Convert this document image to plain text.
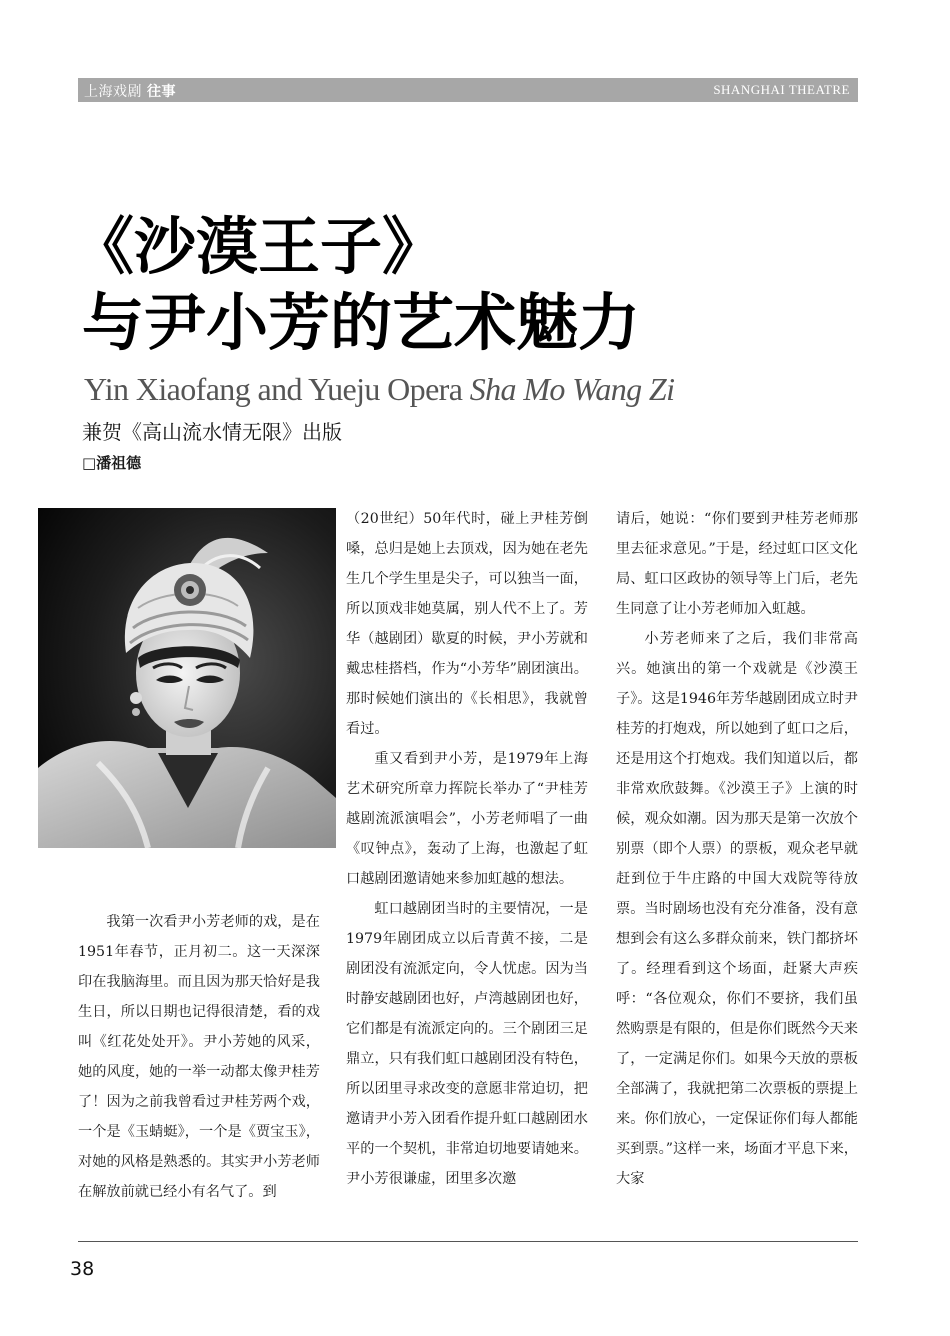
上海戏剧 往事	SHANGHAI THEATRE
《沙漠王子》
与尹小芳的艺术魅力
Yin Xiaofang and Yueju Opera Sha Mo Wang Zi
兼贺《高山流水情无限》出版
□潘祖德

我第一次看尹小芳老师的戏，是在1951年春节，正月初二。这一天深深印在我脑海里。而且因为那天恰好是我生日，所以日期也记得很清楚，看的戏叫《红花处处开》。尹小芳她的风采，她的风度，她的一举一动都太像尹桂芳了！因为之前我曾看过尹桂芳两个戏，一个是《玉蜻蜓》，一个是《贾宝玉》，对她的风格是熟悉的。其实尹小芳老师在解放前就已经小有名气了。到

（20世纪）50年代时，碰上尹桂芳倒嗓，总归是她上去顶戏，因为她在老先生几个学生里是尖子，可以独当一面，所以顶戏非她莫属，别人代不上了。芳华（越剧团）歇夏的时候，尹小芳就和戴忠桂搭档，作为“小芳华”剧团演出。那时候她们演出的《长相思》，我就曾看过。

重又看到尹小芳，是1979年上海艺术研究所章力挥院长举办了“尹桂芳越剧流派演唱会”，小芳老师唱了一曲《叹钟点》，轰动了上海，也激起了虹口越剧团邀请她来参加虹越的想法。

虹口越剧团当时的主要情况，一是1979年剧团成立以后青黄不接，二是剧团没有流派定向，令人忧虑。因为当时静安越剧团也好，卢湾越剧团也好，它们都是有流派定向的。三个剧团三足鼎立，只有我们虹口越剧团没有特色，所以团里寻求改变的意愿非常迫切，把邀请尹小芳入团看作提升虹口越剧团水平的一个契机，非常迫切地要请她来。尹小芳很谦虚，团里多次邀

请后，她说：“你们要到尹桂芳老师那里去征求意见。”于是，经过虹口区文化局、虹口区政协的领导等上门后，老先生同意了让小芳老师加入虹越。

小芳老师来了之后，我们非常高兴。她演出的第一个戏就是《沙漠王子》。这是1946年芳华越剧团成立时尹桂芳的打炮戏，所以她到了虹口之后，还是用这个打炮戏。我们知道以后，都非常欢欣鼓舞。《沙漠王子》上演的时候，观众如潮。因为那天是第一次放个别票（即个人票）的票板，观众老早就赶到位于牛庄路的中国大戏院等待放票。当时剧场也没有充分准备，没有意想到会有这么多群众前来，铁门都挤坏了。经理看到这个场面，赶紧大声疾呼：“各位观众，你们不要挤，我们虽然购票是有限的，但是你们既然今天来了，一定满足你们。如果今天放的票板全部满了，我就把第二次票板的票提上来。你们放心，一定保证你们每人都能买到票。”这样一来，场面才平息下来，大家

38
